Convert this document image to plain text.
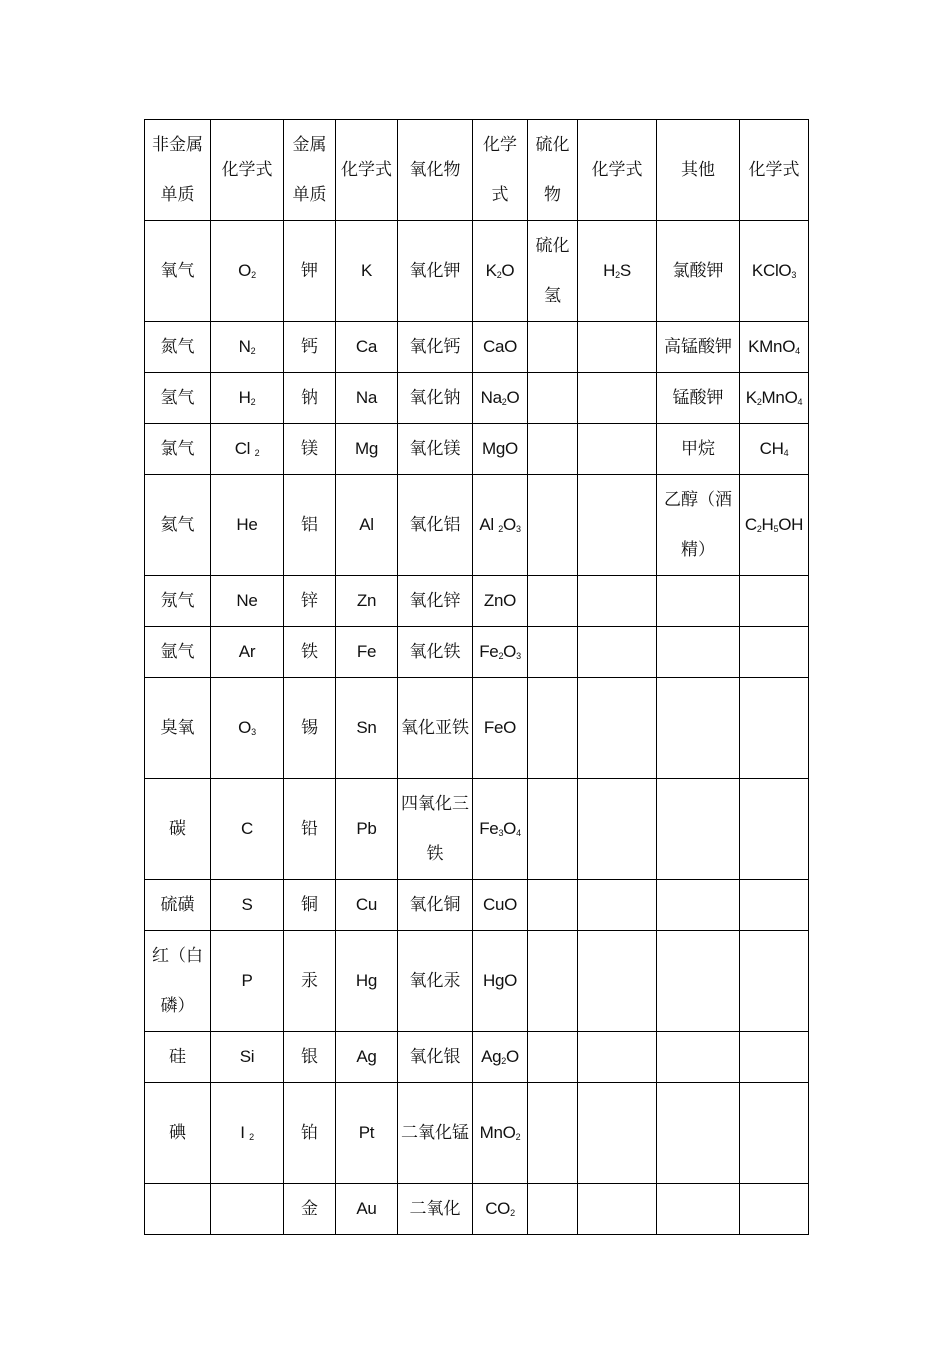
非金属单质	化学式	金属单质	化学式	氧化物	化学式	硫化物	化学式	其他	化学式
氧气	$O_2$	钾	K	氧化钾	$K_2O$	硫化氢	$H_2S$	氯酸钾	KClO$_3$
氮气	$N_2$	钙	Ca	氧化钙	CaO			高锰酸钾	KMnO$_4$
氢气	$H_2$	钠	Na	氧化钠	$Na_2O$			锰酸钾	$K_2MnO_4$
氯气	Cl $_2$	镁	Mg	氧化镁	MgO			甲烷	$CH_4$
氦气	He	铝	Al	氧化铝	Al $_2O_3$			乙醇（酒精）	$C_2H_5OH$
氖气	Ne	锌	Zn	氧化锌	ZnO				
氩气	Ar	铁	Fe	氧化铁	$Fe_2O_3$				
臭氧	$O_3$	锡	Sn	氧化亚铁	FeO				
碳	C	铅	Pb	四氧化三铁	$Fe_3O_4$				
硫磺	S	铜	Cu	氧化铜	CuO				
红（白磷）	P	汞	Hg	氧化汞	HgO				
硅	Si	银	Ag	氧化银	$Ag_2O$				
碘	I $_2$	铂	Pt	二氧化锰	MnO$_2$				
		金	Au	二氧化	$CO_2$				
